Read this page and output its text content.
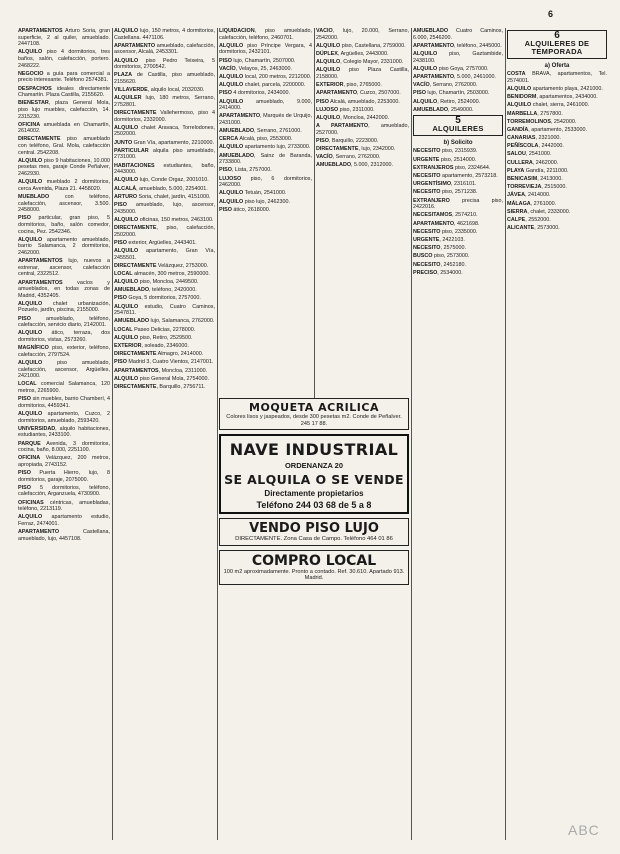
6

APARTAMENTOS Arturo Soria, gran superficie, 2 al quiler, amueblado. 2447108.

ALQUILO piso 4 dormitorios, tres baños, salón, calefacción, portero. 2468222.

NEGOCIO a guía para comercial a precio interesante. Teléfono 2574381.

DESPACHOS ideales directamente Chamartín. Plaza Castilla, 2155620.

BIENESTAR, plaza General Mola, piso lujo muebles, calefacción, 14. 2315230.

OFICINA amueblada en Chamartín, 2614002.

DIRECTAMENTE piso amueblado con teléfono, Gral. Mola, calefacción central. 2542208.

ALQUILO piso 9 habitaciones, 10.000 pesetas mes, garaje Conde Peñalver, 2462930.

ALQUILO mueblado 2 dormitorios, cerca Avenida, Plaza 21. 4458020.

MUEBLADO con teléfono, calefacción, ascensor, 3.500. 2458000.

PISO particular, gran piso, 5 dormitorios, baño, salón comedor, cocina, Pez. 2542346.

ALQUILO apartamento amueblado, barrio Salamanca, 2 dormitorios, 2462000.

APARTAMENTOS lujo, nuevos a estrenar, ascensor, calefacción central, 2322512.

APARTAMENTOS vacíos y amueblados, en todas zonas de Madrid, 4352405.

ALQUILO chalet urbanización, Pozuelo, jardín, piscina, 2155000.

PISO amueblado, teléfono, calefacción, servicio diario, 2142001.

ALQUILO ático, terraza, dos dormitorios, vistas, 2573260.

MAGNÍFICO piso, exterior, teléfono, calefacción, 2797524.

ALQUILO piso amueblado, calefacción, ascensor, Argüelles, 2421000.

LOCAL comercial Salamanca, 120 metros, 2265900.

PISO sin muebles, barrio Chamberí, 4 dormitorios, 4459341.

ALQUILO apartamento, Cuzco, 2 dormitorios, amueblado, 2593420.

UNIVERSIDAD, alquilo habitaciones, estudiantes, 2433100.

PARQUE Avenida, 3 dormitorios, cocina, baño, 8.000, 2251100.

OFICINA Velázquez, 200 metros, apropiada, 2743152.

PISO Puerta Hierro, lujo, 8 dormitorios, garaje, 2075000.

PISO 5 dormitorios, teléfono, calefacción, Arganzuela, 4730900.

OFICINAS céntricas, amuebladas, teléfono, 2213119.

ALQUILO apartamento estudio, Ferraz, 2474001.

APARTAMENTO Castellana, amueblado, lujo, 4457108.

ALQUILO lujo, 150 metros, 4 dormitorios, Castellana. 4471106.

APARTAMENTO amueblado, calefacción, ascensor, Alcalá, 2453301.

ALQUILO piso Pedro Teixeira, 5 dormitorios, 2700542.

PLAZA de Castilla, piso amueblado, 2155620.

VILLAVERDE, alquilo local, 2032030.

ALQUILER lujo, 180 metros, Serrano, 2752801.

DIRECTAMENTE Vallehermoso, piso 4 dormitorios, 2332000.

ALQUILO chalet Aravaca, Torrelodones, 2502000.

JUNTO Gran Vía, apartamento, 2210000.

PARTICULAR alquila piso amueblado, 2731000.

HABITACIONES estudiantes, baño, 2443000.

ALQUILO lujo, Conde Orgaz, 2001010.

ALCALÁ, amueblado, 5.000, 2254001.

ARTURO Soria, chalet, jardín, 4151000.

PISO amueblado, lujo, ascensor, 2435000.

ALQUILO oficinas, 150 metros, 2463100.

DIRECTAMENTE, piso, calefacción, 2502000.

PISO exterior, Argüelles, 2443401.

ALQUILO apartamento, Gran Vía, 2455501.

DIRECTAMENTE Velázquez, 2753000.

LOCAL almacén, 300 metros, 2590000.

ALQUILO piso, Moncloa, 2449500.

AMUEBLADO, teléfono, 2420000.

PISO Goya, 5 dormitorios, 2757000.

ALQUILO estudio, Cuatro Caminos, 2547811.

AMUEBLADO lujo, Salamanca, 2762000.

LOCAL Paseo Delicias, 2278000.

ALQUILO piso, Retiro, 2529500.

EXTERIOR, soleado, 2346000.

DIRECTAMENTE Almagro, 2414000.

PISO Madrid 3, Cuatro Vientos, 2147001.

APARTAMENTOS, Moncloa, 2311000.

ALQUILO piso General Mola, 2754000.

DIRECTAMENTE, Barquillo, 2756711.

LIQUIDACIÓN, piso amueblado, calefacción, teléfono, 2460701.

ALQUILO piso Príncipe Vergara, 4 dormitorios, 2432101.

PISO lujo, Chamartín, 2507000.

VACÍO, Velayos, 25, 2463000.

ALQUILO local, 200 metros, 2212000.

ALQUILO chalet, parcela, 2200000.

PISO 4 dormitorios, 2434000.

ALQUILO amueblado, 9.000, 2414000.

APARTAMENTO, Marqués de Urquijo, 2431000.

AMUEBLADO, Serrano, 2761000.

CERCA Alcalá, piso, 2553000.

ALQUILO apartamento lujo, 2733000.

AMUEBLADO, Sainz de Baranda, 2733800.

PISO, Lista, 2757000.

LUJOSO piso, 6 dormitorios, 2462000.

ALQUILO Tetuán, 2541000.

ALQUILO piso lujo, 2462300.

PISO ático, 2618000.

VACÍO, lujo, 20.000, Serrano, 2542000.

ALQUILO piso, Castellana, 2759000.

DÚPLEX, Argüelles, 2443000.

ALQUILO, Colegio Mayor, 2331000.

ALQUILO piso Plaza Castilla, 2158000.

EXTERIOR, piso, 2765000.

APARTAMENTO, Cuzco, 2507000.

PISO Alcalá, amueblado, 2253000.

LUJOSO piso, 2311000.

ALQUILO, Moncloa, 2442000.

A PARTAMENTO, amueblado, 2527000.

PISO, Barquillo, 2223000.

DIRECTAMENTE, lujo, 2342000.

VACÍO, Serrano, 2762000.

AMUEBLADO, 5.000, 2312000.

AMUEBLADO Cuatro Caminos, 6.000, 2546200.

APARTAMENTO, teléfono, 2445000.

ALQUILO piso, Gaztambide, 2438100.

ALQUILO piso Goya, 2757000.

APARTAMENTO, 5.000, 2461000.

VACÍO, Serrano, 2762000.

PISO lujo, Chamartín, 2503000.

ALQUILO, Retiro, 2524000.

AMUEBLADO, 2549000.

5
ALQUILERES
b) Solicito

NECESITO piso, 2315939.

URGENTE piso, 2514000.

EXTRANJEROS piso, 2324644.

NECESITO apartamento, 2573218.

URGENTÍSIMO, 2316101.

NECESITO piso, 2571238.

EXTRANJERO precisa piso, 2422016.

NECESITAMOS, 2574210.

APARTAMENTO, 4621698.

NECESITO piso, 2335000.

URGENTE, 2422103.

NECESITO, 2575000.

BUSCO piso, 2573000.

NECESITO, 2452180.

PRECISO, 2534000.

6
ALQUILERES DE TEMPORADA
a) Oferta

COSTA BRAVA, apartamentos, Tel. 2574001.

ALQUILO apartamento playa, 2421000.

BENIDORM, apartamentos, 2434000.

ALQUILO chalet, sierra, 2461000.

MARBELLA, 2757800.

TORREMOLINOS, 2542000.

GANDÍA, apartamento, 2533000.

CANARIAS, 2321000.

PEÑÍSCOLA, 2442000.

SALOU, 2541000.

CULLERA, 2462000.

PLAYA Gandía, 2211000.

BENICASIM, 2413000.

TORREVIEJA, 2515000.

JÁVEA, 2414000.

MÁLAGA, 2761000.

SIERRA, chalet, 2333000.

CALPE, 2552000.

ALICANTE, 2573000.

MOQUETA ACRILICA
Colores lisos y jaspeados, desde 300 pesetas m2. Conde de Peñalver. 245 17 88.
NAVE INDUSTRIAL
ORDENANZA 20
SE ALQUILA O SE VENDE
Directamente propietarios
Teléfono 244 03 68 de 5 a 8
VENDO PISO LUJO
DIRECTAMENTE. Zona Casa de Campo. Teléfono 464 01 86
COMPRO LOCAL
100 m2 aproximadamente. Pronto a contado. Ref. 30.610. Apartado 913. Madrid.
ABC
